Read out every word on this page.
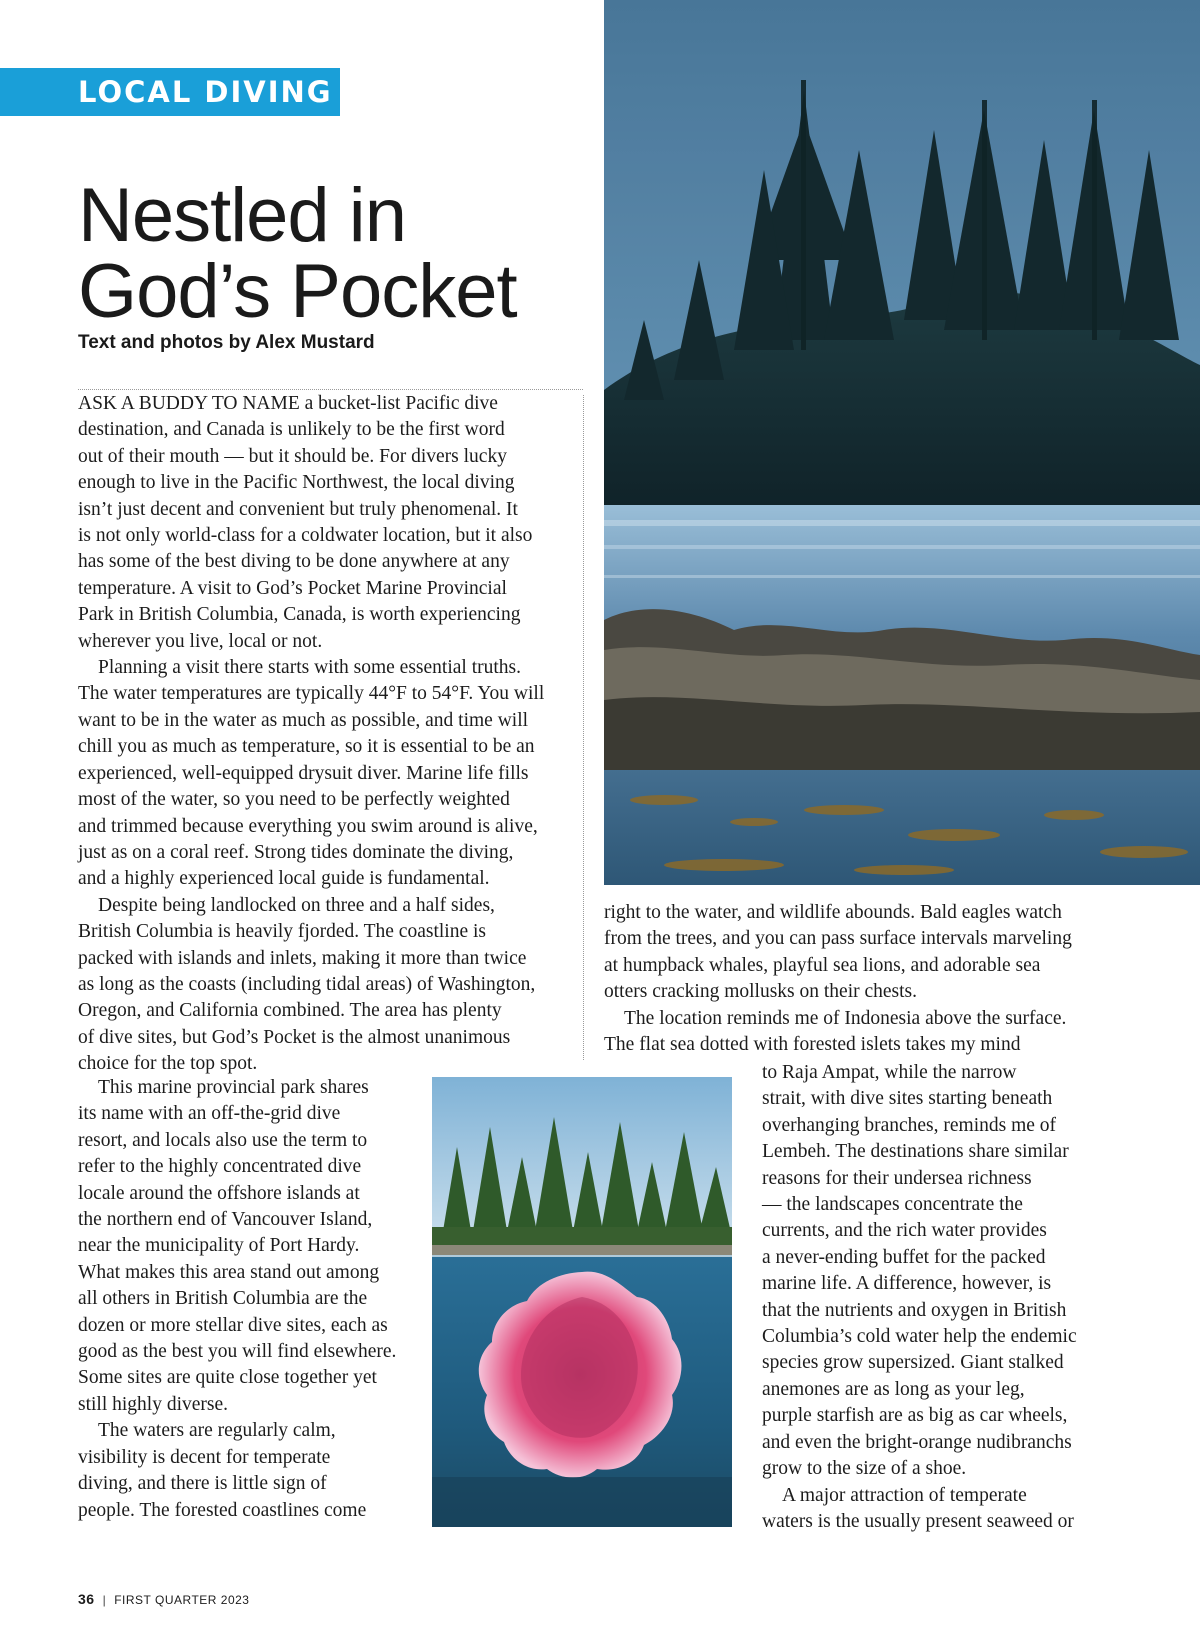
LOCAL DIVING
Nestled in
God’s Pocket
Text and photos by Alex Mustard
ASK A BUDDY TO NAME a bucket-list Pacific dive
destination, and Canada is unlikely to be the first word
out of their mouth — but it should be. For divers lucky
enough to live in the Pacific Northwest, the local diving
isn’t just decent and convenient but truly phenomenal. It
is not only world-class for a coldwater location, but it also
has some of the best diving to be done anywhere at any
temperature. A visit to God’s Pocket Marine Provincial
Park in British Columbia, Canada, is worth experiencing
wherever you live, local or not.
Planning a visit there starts with some essential truths.
The water temperatures are typically 44°F to 54°F. You will
want to be in the water as much as possible, and time will
chill you as much as temperature, so it is essential to be an
experienced, well-equipped drysuit diver. Marine life fills
most of the water, so you need to be perfectly weighted
and trimmed because everything you swim around is alive,
just as on a coral reef. Strong tides dominate the diving,
and a highly experienced local guide is fundamental.
Despite being landlocked on three and a half sides,
British Columbia is heavily fjorded. The coastline is
packed with islands and inlets, making it more than twice
as long as the coasts (including tidal areas) of Washington,
Oregon, and California combined. The area has plenty
of dive sites, but God’s Pocket is the almost unanimous
choice for the top spot.
This marine provincial park shares
its name with an off-the-grid dive
resort, and locals also use the term to
refer to the highly concentrated dive
locale around the offshore islands at
the northern end of Vancouver Island,
near the municipality of Port Hardy.
What makes this area stand out among
all others in British Columbia are the
dozen or more stellar dive sites, each as
good as the best you will find elsewhere.
Some sites are quite close together yet
still highly diverse.
The waters are regularly calm,
visibility is decent for temperate
diving, and there is little sign of
people. The forested coastlines come
right to the water, and wildlife abounds. Bald eagles watch
from the trees, and you can pass surface intervals marveling
at humpback whales, playful sea lions, and adorable sea
otters cracking mollusks on their chests.
The location reminds me of Indonesia above the surface.
The flat sea dotted with forested islets takes my mind
to Raja Ampat, while the narrow
strait, with dive sites starting beneath
overhanging branches, reminds me of
Lembeh. The destinations share similar
reasons for their undersea richness
— the landscapes concentrate the
currents, and the rich water provides
a never-ending buffet for the packed
marine life. A difference, however, is
that the nutrients and oxygen in British
Columbia’s cold water help the endemic
species grow supersized. Giant stalked
anemones are as long as your leg,
purple starfish are as big as car wheels,
and even the bright-orange nudibranchs
grow to the size of a shoe.
A major attraction of temperate
waters is the usually present seaweed or
36 | FIRST QUARTER 2023
